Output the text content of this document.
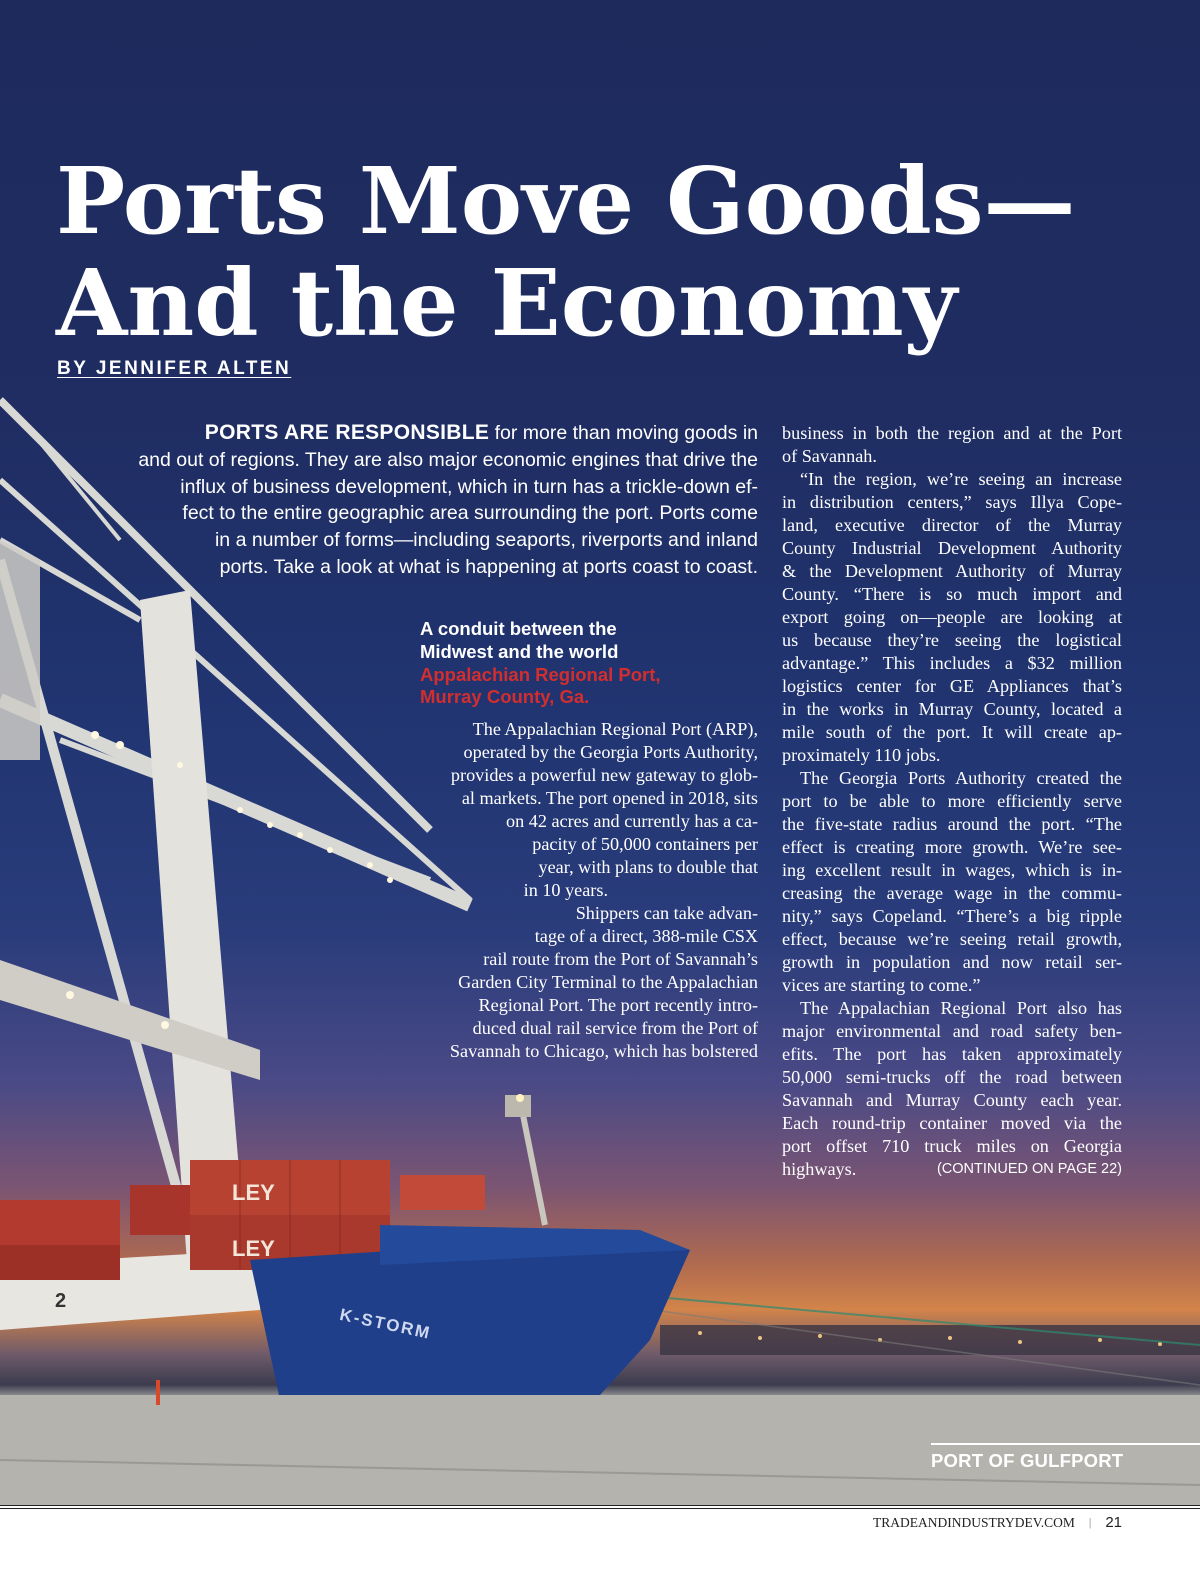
LEY
LEY
2
K-STORM
Ports Move Goods—
And the Economy
BY JENNIFER ALTEN
PORTS ARE RESPONSIBLE for more than moving goods in
and out of regions. They are also major economic engines that drive the
influx of business development, which in turn has a trickle-down ef-
fect to the entire geographic area surrounding the port. Ports come
in a number of forms—including seaports, riverports and inland
ports. Take a look at what is happening at ports coast to coast.
A conduit between the
Midwest and the world
Appalachian Regional Port,
Murray County, Ga.
The Appalachian Regional Port (ARP),
operated by the Georgia Ports Authority,
provides a powerful new gateway to glob-
al markets. The port opened in 2018, sits
on 42 acres and currently has a ca-
pacity of 50,000 containers per
year, with plans to double that
in 10 years.
Shippers can take advan-
tage of a direct, 388-mile CSX
rail route from the Port of Savannah’s
Garden City Terminal to the Appalachian
Regional Port. The port recently intro-
duced dual rail service from the Port of
Savannah to Chicago, which has bolstered
business in both the region and at the Port
of Savannah.
“In the region, we’re seeing an increase
in distribution centers,” says Illya Cope-
land, executive director of the Murray
County Industrial Development Authority
& the Development Authority of Murray
County. “There is so much import and
export going on—people are looking at
us because they’re seeing the logistical
advantage.” This includes a $32 million
logistics center for GE Appliances that’s
in the works in Murray County, located a
mile south of the port. It will create ap-
proximately 110 jobs.
The Georgia Ports Authority created the
port to be able to more efficiently serve
the five-state radius around the port. “The
effect is creating more growth. We’re see-
ing excellent result in wages, which is in-
creasing the average wage in the commu-
nity,” says Copeland. “There’s a big ripple
effect, because we’re seeing retail growth,
growth in population and now retail ser-
vices are starting to come.”
The Appalachian Regional Port also has
major environmental and road safety ben-
efits. The port has taken approximately
50,000 semi-trucks off the road between
Savannah and Murray County each year.
Each round-trip container moved via the
port offset 710 truck miles on Georgia
highways.	(CONTINUED ON PAGE 22)
PORT OF GULFPORT
TRADEANDINDUSTRYDEV.COM | 21
